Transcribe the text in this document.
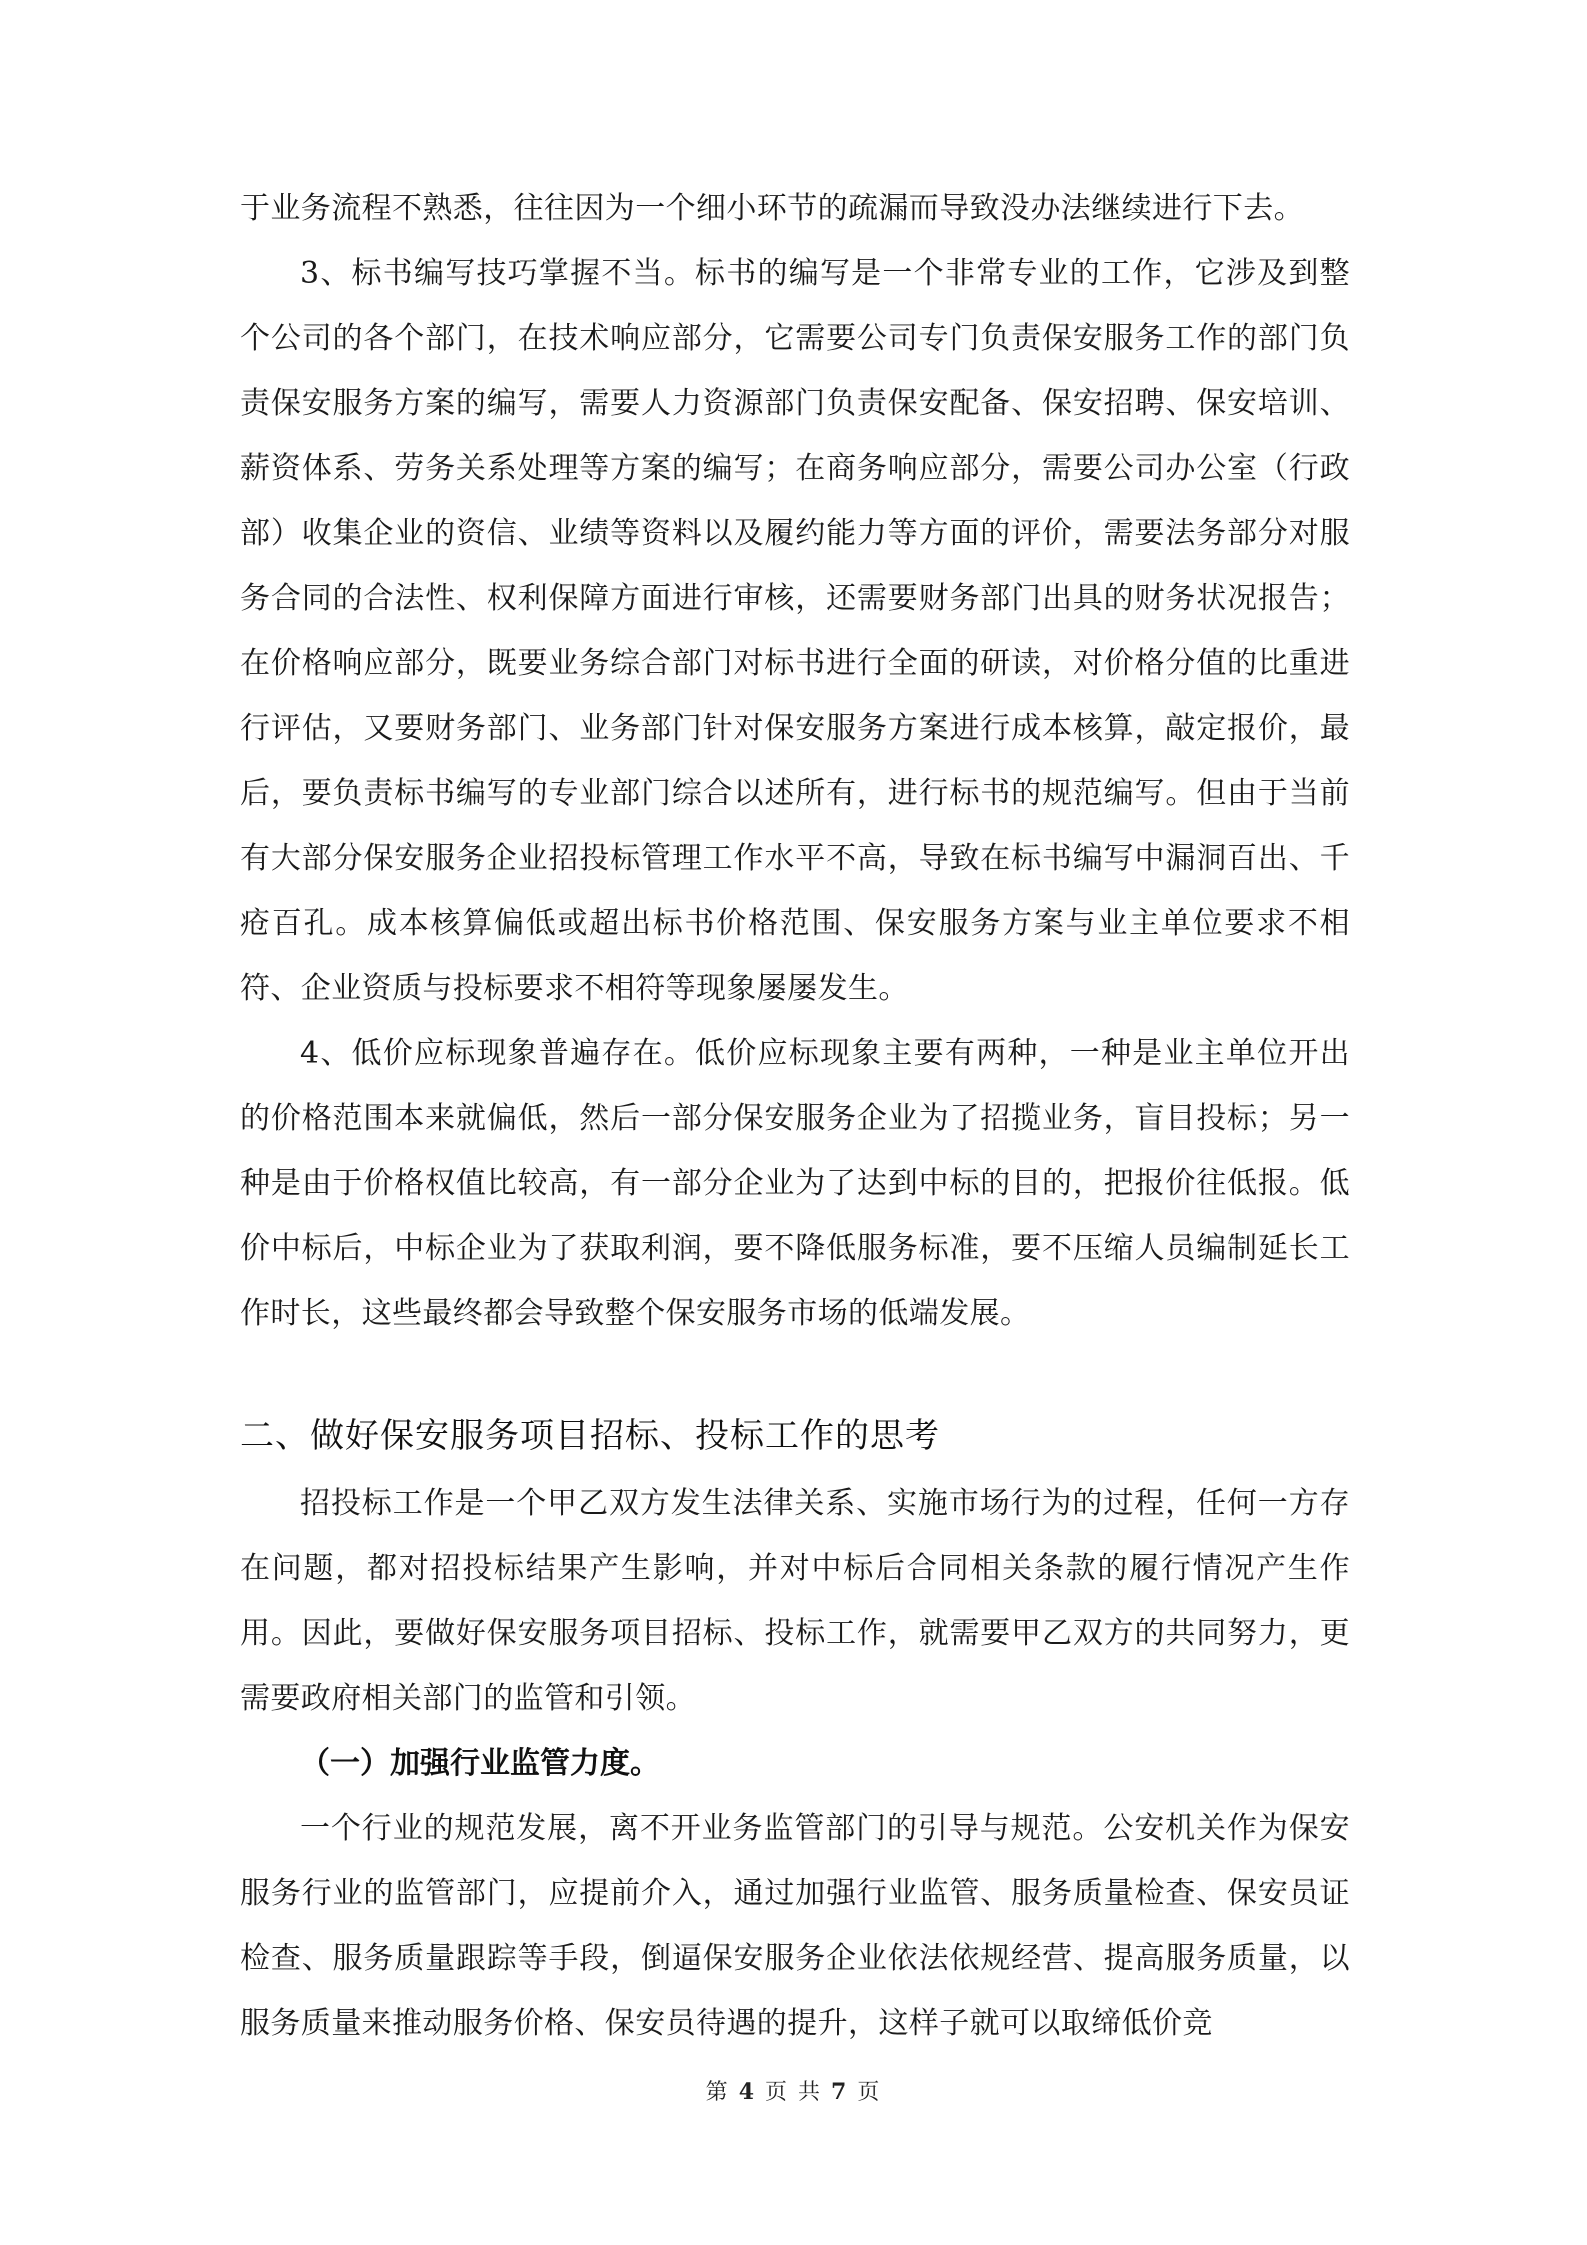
于业务流程不熟悉，往往因为一个细小环节的疏漏而导致没办法继续进行下去。

3、标书编写技巧掌握不当。标书的编写是一个非常专业的工作，它涉及到整个公司的各个部门，在技术响应部分，它需要公司专门负责保安服务工作的部门负责保安服务方案的编写，需要人力资源部门负责保安配备、保安招聘、保安培训、薪资体系、劳务关系处理等方案的编写；在商务响应部分，需要公司办公室（行政部）收集企业的资信、业绩等资料以及履约能力等方面的评价，需要法务部分对服务合同的合法性、权利保障方面进行审核，还需要财务部门出具的财务状况报告；在价格响应部分，既要业务综合部门对标书进行全面的研读，对价格分值的比重进行评估，又要财务部门、业务部门针对保安服务方案进行成本核算，敲定报价，最后，要负责标书编写的专业部门综合以述所有，进行标书的规范编写。但由于当前有大部分保安服务企业招投标管理工作水平不高，导致在标书编写中漏洞百出、千疮百孔。成本核算偏低或超出标书价格范围、保安服务方案与业主单位要求不相符、企业资质与投标要求不相符等现象屡屡发生。

4、低价应标现象普遍存在。低价应标现象主要有两种，一种是业主单位开出的价格范围本来就偏低，然后一部分保安服务企业为了招揽业务，盲目投标；另一种是由于价格权值比较高，有一部分企业为了达到中标的目的，把报价往低报。低价中标后，中标企业为了获取利润，要不降低服务标准，要不压缩人员编制延长工作时长，这些最终都会导致整个保安服务市场的低端发展。

二、做好保安服务项目招标、投标工作的思考

招投标工作是一个甲乙双方发生法律关系、实施市场行为的过程，任何一方存在问题，都对招投标结果产生影响，并对中标后合同相关条款的履行情况产生作用。因此，要做好保安服务项目招标、投标工作，就需要甲乙双方的共同努力，更需要政府相关部门的监管和引领。

（一）加强行业监管力度。

一个行业的规范发展，离不开业务监管部门的引导与规范。公安机关作为保安服务行业的监管部门，应提前介入，通过加强行业监管、服务质量检查、保安员证检查、服务质量跟踪等手段，倒逼保安服务企业依法依规经营、提高服务质量，以服务质量来推动服务价格、保安员待遇的提升，这样子就可以取缔低价竞

第 4 页 共 7 页
